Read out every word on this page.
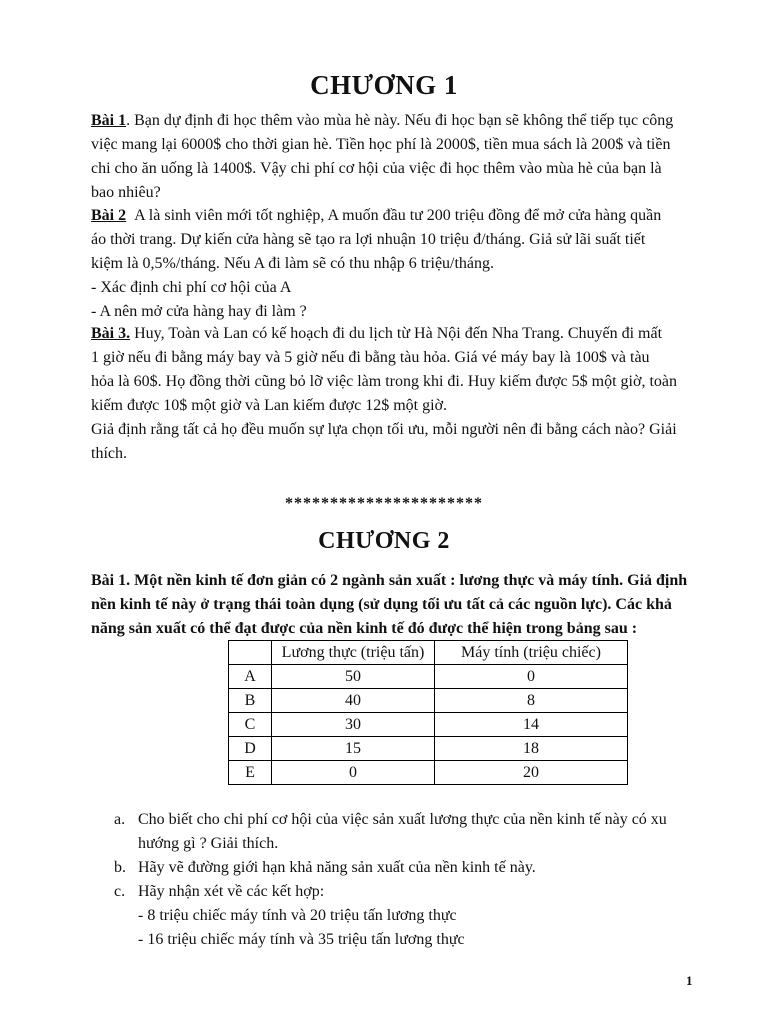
CHƯƠNG 1
Bài 1. Bạn dự định đi học thêm vào mùa hè này. Nếu đi học bạn sẽ không thể tiếp tục công
việc mang lại 6000$ cho thời gian hè. Tiền học phí là 2000$, tiền mua sách là 200$ và tiền
chi cho ăn uống là 1400$. Vậy chi phí cơ hội của việc đi học thêm vào mùa hè của bạn là
bao nhiêu?
Bài 2 A là sinh viên mới tốt nghiệp, A muốn đầu tư 200 triệu đồng để mở cửa hàng quần
áo thời trang. Dự kiến cửa hàng sẽ tạo ra lợi nhuận 10 triệu đ/tháng. Giả sử lãi suất tiết
kiệm là 0,5%/tháng. Nếu A đi làm sẽ có thu nhập 6 triệu/tháng.
- Xác định chi phí cơ hội của A
- A nên mở cửa hàng hay đi làm ?
Bài 3. Huy, Toàn và Lan có kế hoạch đi du lịch từ Hà Nội đến Nha Trang. Chuyến đi mất
1 giờ nếu đi bằng máy bay và 5 giờ nếu đi bằng tàu hỏa. Giá vé máy bay là 100$ và tàu
hỏa là 60$. Họ đồng thời cũng bỏ lỡ việc làm trong khi đi. Huy kiếm được 5$ một giờ, toàn
kiếm được 10$ một giờ và Lan kiếm được 12$ một giờ.
Giả định rằng tất cả họ đều muốn sự lựa chọn tối ưu, mỗi người nên đi bằng cách nào? Giải
thích.
**********************
CHƯƠNG 2
Bài 1. Một nền kinh tế đơn giản có 2 ngành sản xuất : lương thực và máy tính. Giả định
nền kinh tế này ở trạng thái toàn dụng (sử dụng tối ưu tất cả các nguồn lực). Các khả
năng sản xuất có thể đạt được của nền kinh tế đó được thể hiện trong bảng sau :
	Lương thực (triệu tấn)	Máy tính (triệu chiếc)
A	50	0
B	40	8
C	30	14
D	15	18
E	0	20
a. Cho biết cho chi phí cơ hội của việc sản xuất lương thực của nền kinh tế này có xu
hướng gì ? Giải thích.
b. Hãy vẽ đường giới hạn khả năng sản xuất của nền kinh tế này.
c. Hãy nhận xét về các kết hợp:
- 8 triệu chiếc máy tính và 20 triệu tấn lương thực
- 16 triệu chiếc máy tính và 35 triệu tấn lương thực
1
